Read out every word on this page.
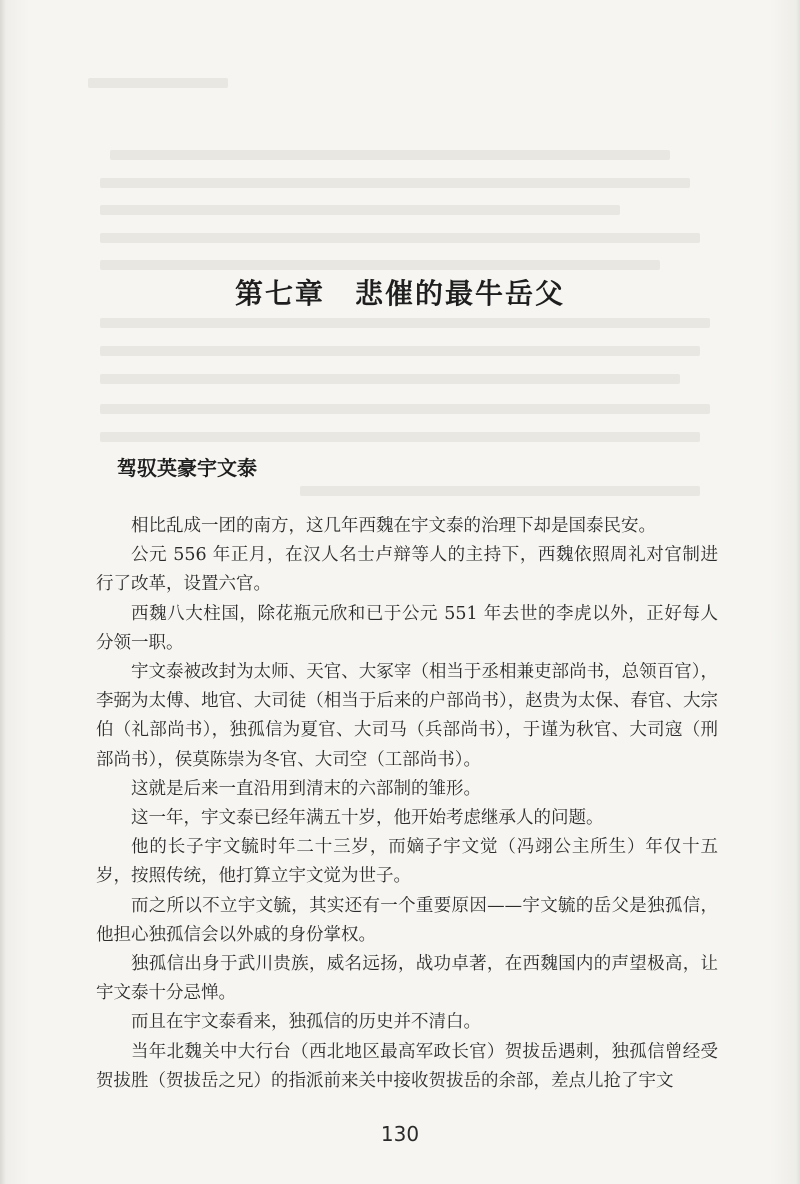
第七章　悲催的最牛岳父
驾驭英豪宇文泰

相比乱成一团的南方，这几年西魏在宇文泰的治理下却是国泰民安。

公元 556 年正月，在汉人名士卢辩等人的主持下，西魏依照周礼对官制进行了改革，设置六官。

西魏八大柱国，除花瓶元欣和已于公元 551 年去世的李虎以外，正好每人分领一职。

宇文泰被改封为太师、天官、大冢宰（相当于丞相兼吏部尚书，总领百官），李弼为太傅、地官、大司徒（相当于后来的户部尚书），赵贵为太保、春官、大宗伯（礼部尚书），独孤信为夏官、大司马（兵部尚书），于谨为秋官、大司寇（刑部尚书），侯莫陈崇为冬官、大司空（工部尚书）。

这就是后来一直沿用到清末的六部制的雏形。

这一年，宇文泰已经年满五十岁，他开始考虑继承人的问题。

他的长子宇文毓时年二十三岁，而嫡子宇文觉（冯翊公主所生）年仅十五岁，按照传统，他打算立宇文觉为世子。

而之所以不立宇文毓，其实还有一个重要原因——宇文毓的岳父是独孤信，他担心独孤信会以外戚的身份掌权。

独孤信出身于武川贵族，威名远扬，战功卓著，在西魏国内的声望极高，让宇文泰十分忌惮。

而且在宇文泰看来，独孤信的历史并不清白。

当年北魏关中大行台（西北地区最高军政长官）贺拔岳遇刺，独孤信曾经受贺拔胜（贺拔岳之兄）的指派前来关中接收贺拔岳的余部，差点儿抢了宇文

130
